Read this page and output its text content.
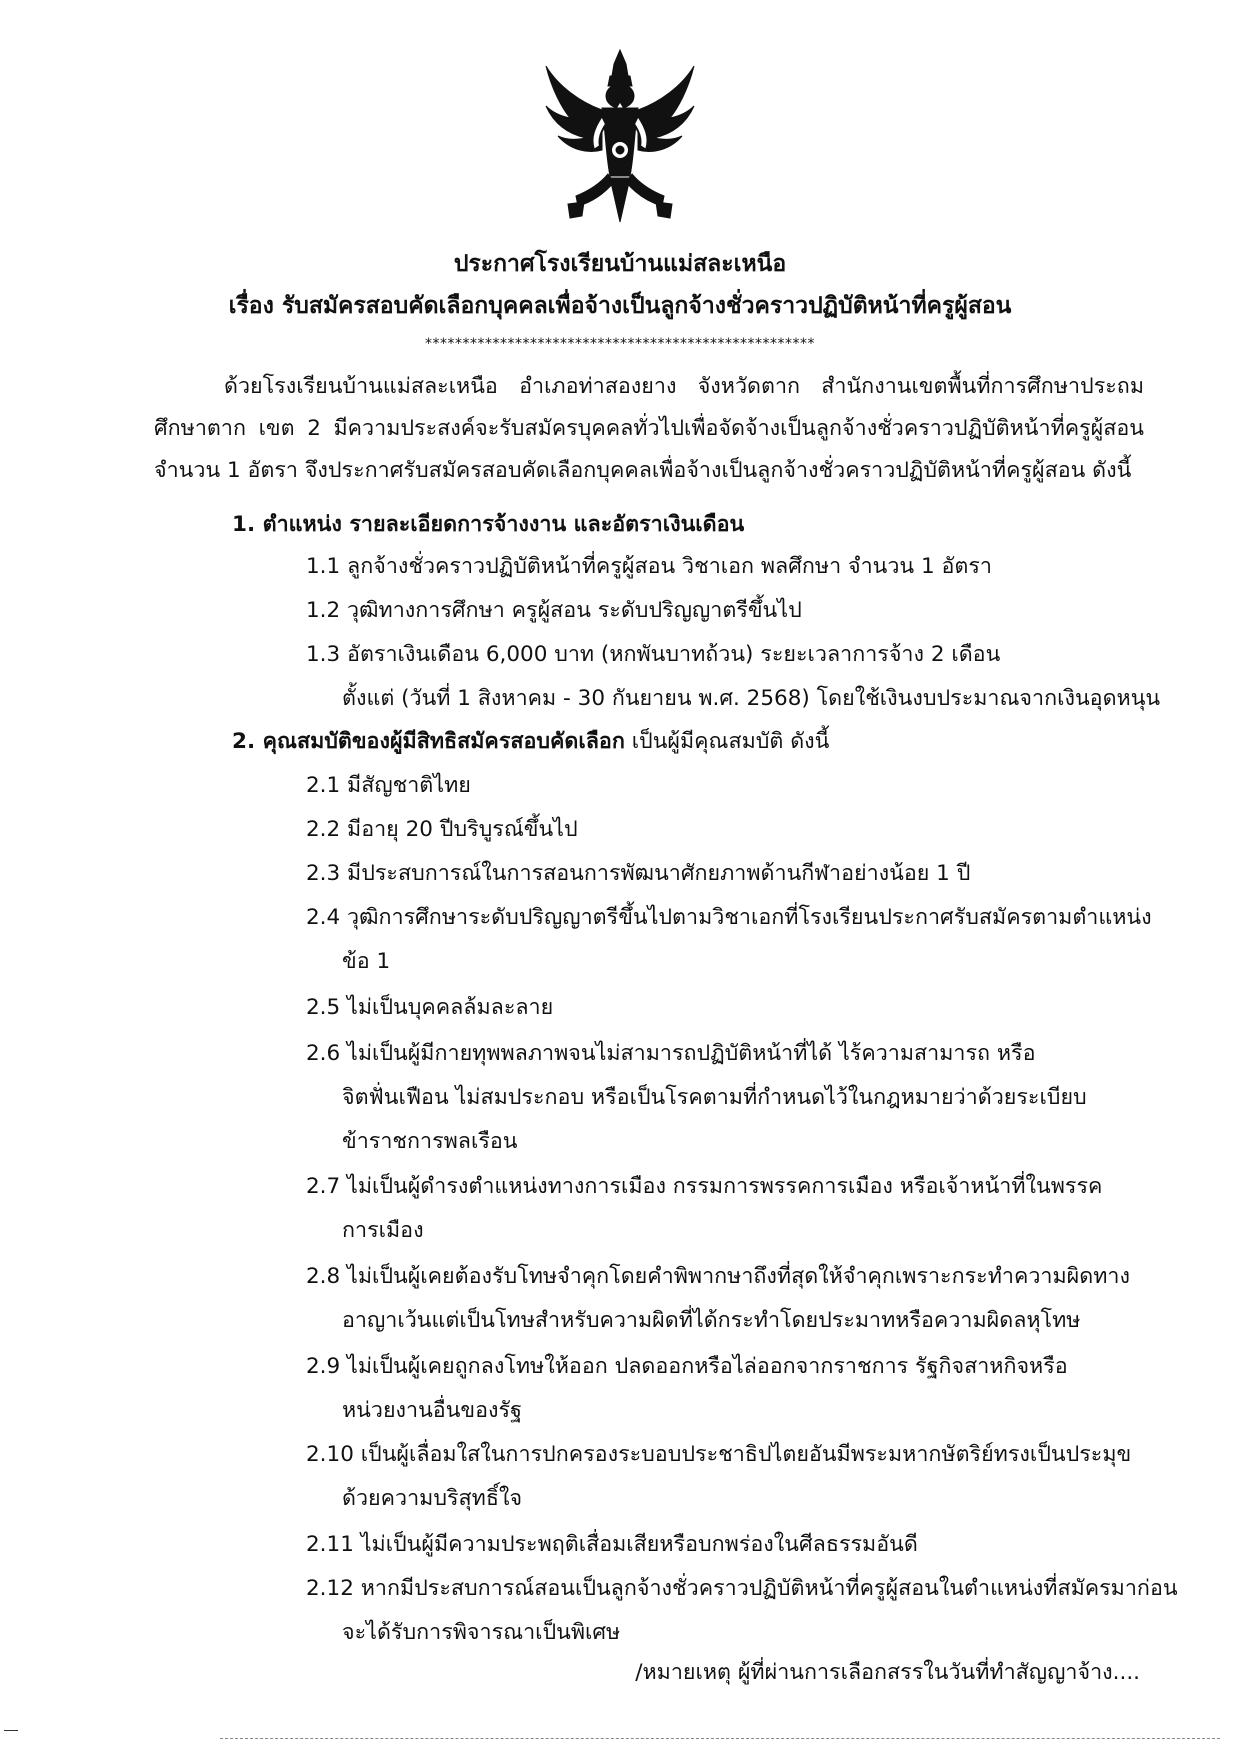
ประกาศโรงเรียนบ้านแม่สละเหนือ
เรื่อง รับสมัครสอบคัดเลือกบุคคลเพื่อจ้างเป็นลูกจ้างชั่วคราวปฏิบัติหน้าที่ครูผู้สอน
****************************************************
ด้วยโรงเรียนบ้านแม่สละเหนือ อำเภอท่าสองยาง จังหวัดตาก สำนักงานเขตพื้นที่การศึกษาประถมศึกษาตาก เขต 2 มีความประสงค์จะรับสมัครบุคคลทั่วไปเพื่อจัดจ้างเป็นลูกจ้างชั่วคราวปฏิบัติหน้าที่ครูผู้สอน จำนวน 1 อัตรา จึงประกาศรับสมัครสอบคัดเลือกบุคคลเพื่อจ้างเป็นลูกจ้างชั่วคราวปฏิบัติหน้าที่ครูผู้สอน ดังนี้
1. ตำแหน่ง รายละเอียดการจ้างงาน และอัตราเงินเดือน
1.1 ลูกจ้างชั่วคราวปฏิบัติหน้าที่ครูผู้สอน วิชาเอก พลศึกษา จำนวน 1 อัตรา
1.2 วุฒิทางการศึกษา ครูผู้สอน ระดับปริญญาตรีขึ้นไป
1.3 อัตราเงินเดือน 6,000 บาท (หกพันบาทถ้วน) ระยะเวลาการจ้าง 2 เดือน
ตั้งแต่ (วันที่ 1 สิงหาคม - 30 กันยายน พ.ศ. 2568) โดยใช้เงินงบประมาณจากเงินอุดหนุน
2. คุณสมบัติของผู้มีสิทธิสมัครสอบคัดเลือก เป็นผู้มีคุณสมบัติ ดังนี้
2.1 มีสัญชาติไทย
2.2 มีอายุ 20 ปีบริบูรณ์ขึ้นไป
2.3 มีประสบการณ์ในการสอนการพัฒนาศักยภาพด้านกีฬาอย่างน้อย 1 ปี
2.4 วุฒิการศึกษาระดับปริญญาตรีขึ้นไปตามวิชาเอกที่โรงเรียนประกาศรับสมัครตามตำแหน่ง
ข้อ 1
2.5 ไม่เป็นบุคคลล้มละลาย
2.6 ไม่เป็นผู้มีกายทุพพลภาพจนไม่สามารถปฏิบัติหน้าที่ได้ ไร้ความสามารถ หรือ
จิตฟั่นเฟือน ไม่สมประกอบ หรือเป็นโรคตามที่กำหนดไว้ในกฎหมายว่าด้วยระเบียบ
ข้าราชการพลเรือน
2.7 ไม่เป็นผู้ดำรงตำแหน่งทางการเมือง กรรมการพรรคการเมือง หรือเจ้าหน้าที่ในพรรค
การเมือง
2.8 ไม่เป็นผู้เคยต้องรับโทษจำคุกโดยคำพิพากษาถึงที่สุดให้จำคุกเพราะกระทำความผิดทาง
อาญาเว้นแต่เป็นโทษสำหรับความผิดที่ได้กระทำโดยประมาทหรือความผิดลหุโทษ
2.9 ไม่เป็นผู้เคยถูกลงโทษให้ออก ปลดออกหรือไล่ออกจากราชการ รัฐกิจสาหกิจหรือ
หน่วยงานอื่นของรัฐ
2.10 เป็นผู้เลื่อมใสในการปกครองระบอบประชาธิปไตยอันมีพระมหากษัตริย์ทรงเป็นประมุข
ด้วยความบริสุทธิ์ใจ
2.11 ไม่เป็นผู้มีความประพฤติเสื่อมเสียหรือบกพร่องในศีลธรรมอันดี
2.12 หากมีประสบการณ์สอนเป็นลูกจ้างชั่วคราวปฏิบัติหน้าที่ครูผู้สอนในตำแหน่งที่สมัครมาก่อน
จะได้รับการพิจารณาเป็นพิเศษ
/หมายเหตุ ผู้ที่ผ่านการเลือกสรรในวันที่ทำสัญญาจ้าง....
